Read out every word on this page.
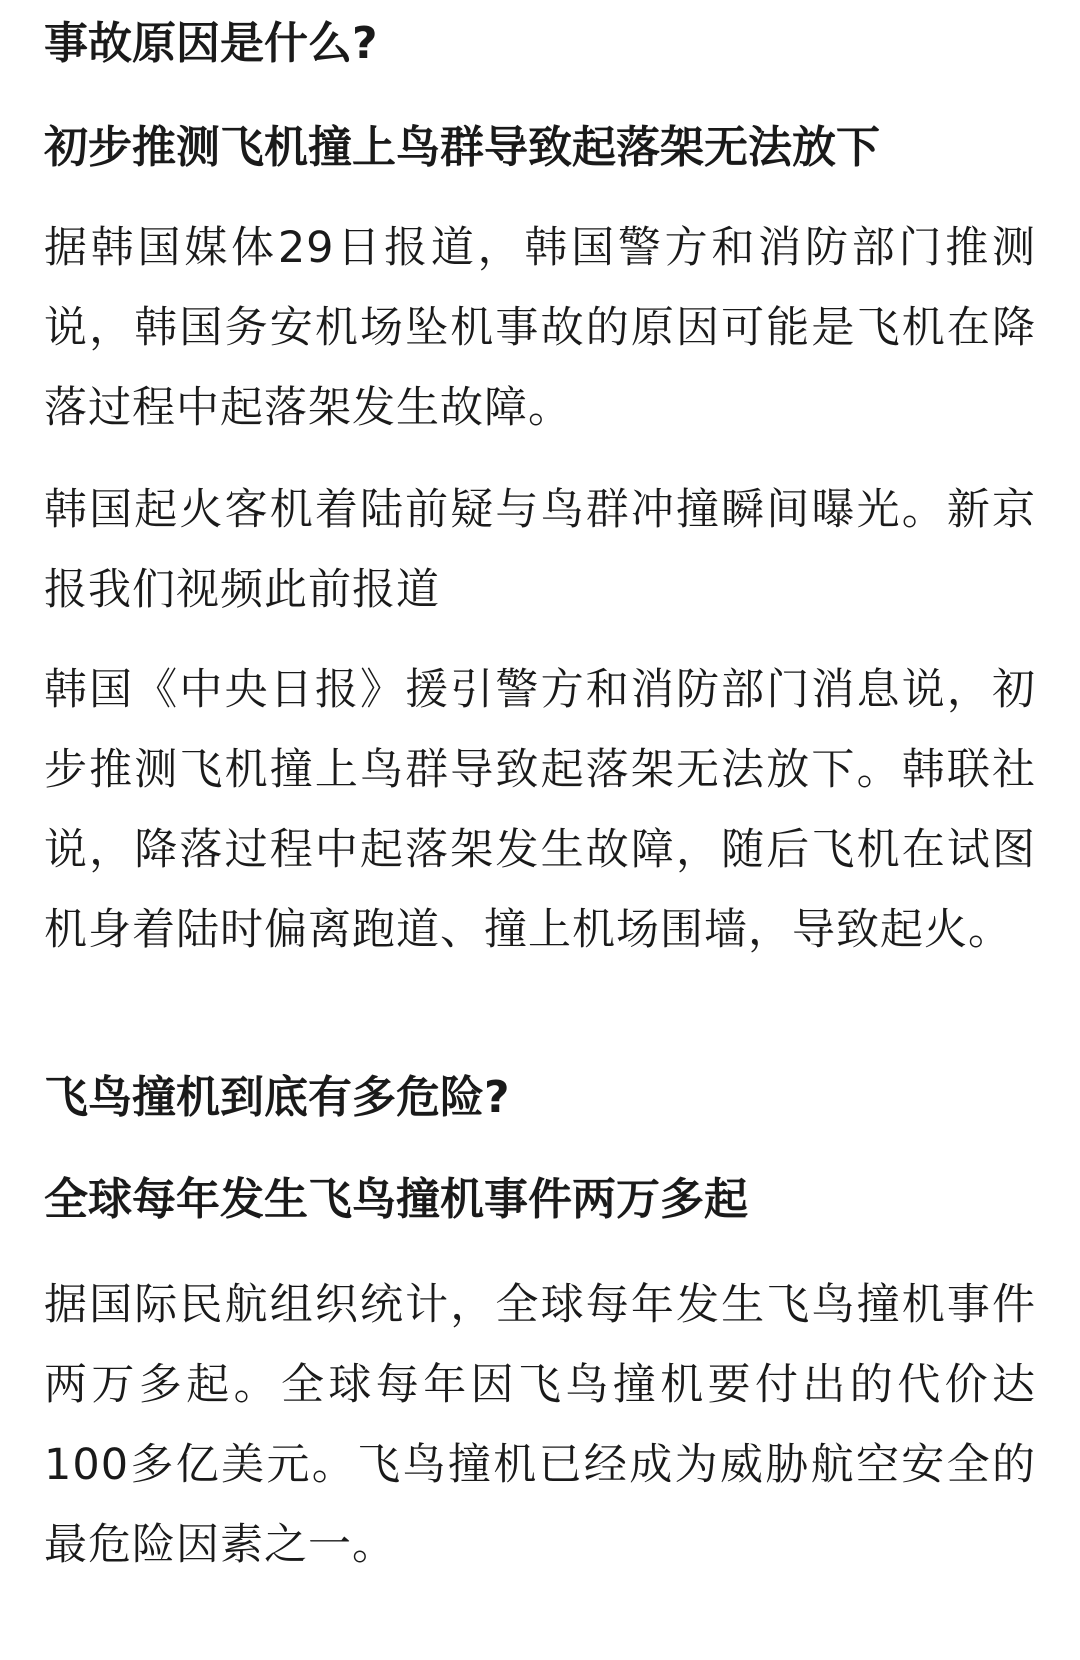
事故原因是什么?
初步推测飞机撞上鸟群导致起落架无法放下

据韩国媒体29日报道，韩国警方和消防部门推测说，韩国务安机场坠机事故的原因可能是飞机在降落过程中起落架发生故障。

韩国起火客机着陆前疑与鸟群冲撞瞬间曝光。新京报我们视频此前报道

韩国《中央日报》援引警方和消防部门消息说，初步推测飞机撞上鸟群导致起落架无法放下。韩联社说，降落过程中起落架发生故障，随后飞机在试图机身着陆时偏离跑道、撞上机场围墙，导致起火。

飞鸟撞机到底有多危险?
全球每年发生飞鸟撞机事件两万多起

据国际民航组织统计，全球每年发生飞鸟撞机事件两万多起。全球每年因飞鸟撞机要付出的代价达100多亿美元。飞鸟撞机已经成为威胁航空安全的最危险因素之一。
